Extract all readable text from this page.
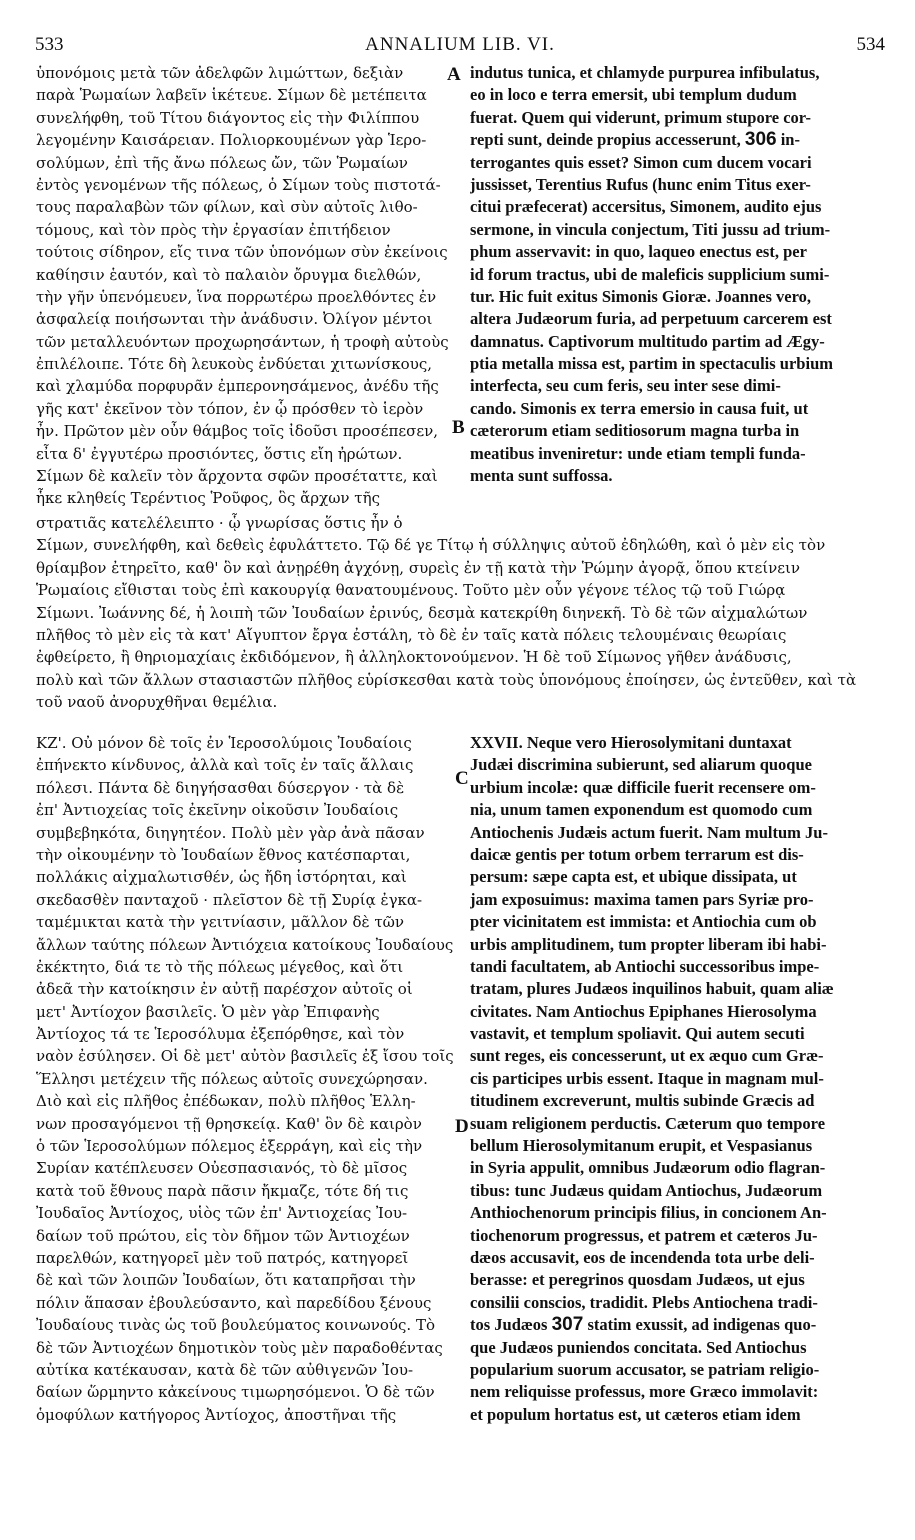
533	ANNALIUM LIB. VI.	534
ὑπονόμοις μετὰ τῶν ἀδελφῶν λιμώττων, δεξιὰν
παρὰ Ῥωμαίων λαβεῖν ἱκέτευε. Σίμων δὲ μετέπειτα
συνελήφθη, τοῦ Τίτου διάγοντος εἰς τὴν Φιλίππου
λεγομένην Καισάρειαν. Πολιορκουμένων γὰρ Ἱερο-
σολύμων, ἐπὶ τῆς ἄνω πόλεως ὤν, τῶν Ῥωμαίων
ἐντὸς γενομένων τῆς πόλεως, ὁ Σίμων τοὺς πιστοτά-
τους παραλαβὼν τῶν φίλων, καὶ σὺν αὐτοῖς λιθο-
τόμους, καὶ τὸν πρὸς τὴν ἐργασίαν ἐπιτήδειον
τούτοις σίδηρον, εἴς τινα τῶν ὑπονόμων σὺν ἐκείνοις
καθίησιν ἑαυτόν, καὶ τὸ παλαιὸν ὄρυγμα διελθών,
τὴν γῆν ὑπενόμευεν, ἵνα πορρωτέρω προελθόντες ἐν
ἀσφαλείᾳ ποιήσωνται τὴν ἀνάδυσιν. Ὀλίγον μέντοι
τῶν μεταλλευόντων προχωρησάντων, ἡ τροφὴ αὐτοὺς
ἐπιλέλοιπε. Τότε δὴ λευκοὺς ἐνδύεται χιτωνίσκους,
καὶ χλαμύδα πορφυρᾶν ἐμπερονησάμενος, ἀνέδυ τῆς
γῆς κατ' ἐκεῖνον τὸν τόπον, ἐν ᾧ πρόσθεν τὸ ἱερὸν
ἦν. Πρῶτον μὲν οὖν θάμβος τοῖς ἰδοῦσι προσέπεσεν,
εἶτα δ' ἐγγυτέρω προσιόντες, ὅστις εἴη ἠρώτων.
Σίμων δὲ καλεῖν τὸν ἄρχοντα σφῶν προσέταττε, καὶ
ἧκε κληθείς Τερέντιος Ῥοῦφος, ὃς ἄρχων τῆς
indutus tunica, et chlamyde purpurea infibulatus,
eo in loco e terra emersit, ubi templum dudum
fuerat. Quem qui viderunt, primum stupore cor-
repti sunt, deinde propius accesserunt, 306 in-
terrogantes quis esset? Simon cum ducem vocari
jussisset, Terentius Rufus (hunc enim Titus exer-
citui præfecerat) accersitus, Simonem, audito ejus
sermone, in vincula conjectum, Titi jussu ad trium-
phum asservavit: in quo, laqueo enectus est, per
id forum tractus, ubi de maleficis supplicium sumi-
tur. Hic fuit exitus Simonis Gioræ. Joannes vero,
altera Judæorum furia, ad perpetuum carcerem est
damnatus. Captivorum multitudo partim ad Ægy-
ptia metalla missa est, partim in spectaculis urbium
interfecta, seu cum feris, seu inter sese dimi-
cando. Simonis ex terra emersio in causa fuit, ut
cæterorum etiam seditiosorum magna turba in
meatibus inveniretur: unde etiam templi funda-
menta sunt suffossa.
στρατιᾶς κατελέλειπτο · ᾧ γνωρίσας ὅστις ἦν ὁ
Σίμων, συνελήφθη, καὶ δεθεὶς ἐφυλάττετο. Τῷ δέ γε Τίτῳ ἡ σύλληψις αὐτοῦ ἐδηλώθη, καὶ ὁ μὲν εἰς τὸν
θρίαμβον ἐτηρεῖτο, καθ' ὃν καὶ ἀνῃρέθη ἀγχόνῃ, συρεὶς ἐν τῇ κατὰ τὴν Ῥώμην ἀγορᾷ, ὅπου κτείνειν
Ῥωμαίοις εἴθισται τοὺς ἐπὶ κακουργίᾳ θανατουμένους. Τοῦτο μὲν οὖν γέγονε τέλος τῷ τοῦ Γιώρᾳ
Σίμωνι. Ἰωάννης δέ, ἡ λοιπὴ τῶν Ἰουδαίων ἐρινύς, δεσμὰ κατεκρίθη διηνεκῆ. Τὸ δὲ τῶν αἰχμαλώτων
πλῆθος τὸ μὲν εἰς τὰ κατ' Αἴγυπτον ἔργα ἐστάλη, τὸ δὲ ἐν ταῖς κατὰ πόλεις τελουμέναις θεωρίαις
ἐφθείρετο, ἢ θηριομαχίαις ἐκδιδόμενον, ἢ ἀλληλοκτονούμενον. Ἡ δὲ τοῦ Σίμωνος γῆθεν ἀνάδυσις,
πολὺ καὶ τῶν ἄλλων στασιαστῶν πλῆθος εὑρίσκεσθαι κατὰ τοὺς ὑπονόμους ἐποίησεν, ὡς ἐντεῦθεν, καὶ τὰ
τοῦ ναοῦ ἀνορυχθῆναι θεμέλια.
ΚΖ'. Οὐ μόνον δὲ τοῖς ἐν Ἱεροσολύμοις Ἰουδαίοις
ἐπήνεκτο κίνδυνος, ἀλλὰ καὶ τοῖς ἐν ταῖς ἄλλαις
πόλεσι. Πάντα δὲ διηγήσασθαι δύσεργον · τὰ δὲ
ἐπ' Ἀντιοχείας τοῖς ἐκεῖνην οἰκοῦσιν Ἰουδαίοις
συμβεβηκότα, διηγητέον. Πολὺ μὲν γὰρ ἀνὰ πᾶσαν
τὴν οἰκουμένην τὸ Ἰουδαίων ἔθνος κατέσπαρται,
πολλάκις αἰχμαλωτισθέν, ὡς ἤδη ἱστόρηται, καὶ
σκεδασθὲν πανταχοῦ · πλεῖστον δὲ τῇ Συρίᾳ ἐγκα-
ταμέμικται κατὰ τὴν γειτνίασιν, μᾶλλον δὲ τῶν
ἄλλων ταύτης πόλεων Ἀντιόχεια κατοίκους Ἰουδαίους
ἐκέκτητο, διά τε τὸ τῆς πόλεως μέγεθος, καὶ ὅτι
ἀδεᾶ τὴν κατοίκησιν ἐν αὐτῇ παρέσχον αὐτοῖς οἱ
μετ' Ἀντίοχον βασιλεῖς. Ὁ μὲν γὰρ Ἐπιφανὴς
Ἀντίοχος τά τε Ἱεροσόλυμα ἐξεπόρθησε, καὶ τὸν
ναὸν ἐσύλησεν. Οἱ δὲ μετ' αὐτὸν βασιλεῖς ἐξ ἴσου τοῖς
Ἕλλησι μετέχειν τῆς πόλεως αὐτοῖς συνεχώρησαν.
Διὸ καὶ εἰς πλῆθος ἐπέδωκαν, πολὺ πλῆθος Ἑλλη-
νων προσαγόμενοι τῇ θρησκείᾳ. Καθ' ὃν δὲ καιρὸν
ὁ τῶν Ἱεροσολύμων πόλεμος ἐξερράγη, καὶ εἰς τὴν
Συρίαν κατέπλευσεν Οὐεσπασιανός, τὸ δὲ μῖσος
κατὰ τοῦ ἔθνους παρὰ πᾶσιν ἤκμαζε, τότε δή τις
Ἰουδαῖος Ἀντίοχος, υἱὸς τῶν ἐπ' Ἀντιοχείας Ἰου-
δαίων τοῦ πρώτου, εἰς τὸν δῆμον τῶν Ἀντιοχέων
παρελθών, κατηγορεῖ μὲν τοῦ πατρός, κατηγορεῖ
δὲ καὶ τῶν λοιπῶν Ἰουδαίων, ὅτι καταπρῆσαι τὴν
πόλιν ἅπασαν ἐβουλεύσαντο, καὶ παρεδίδου ξένους
Ἰουδαίους τινὰς ὡς τοῦ βουλεύματος κοινωνούς. Τὸ
δὲ τῶν Ἀντιοχέων δημοτικὸν τοὺς μὲν παραδοθέντας
αὐτίκα κατέκαυσαν, κατὰ δὲ τῶν αὐθιγενῶν Ἰου-
δαίων ὥρμηντο κἀκείνους τιμωρησόμενοι. Ὁ δὲ τῶν
ὁμοφύλων κατήγορος Ἀντίοχος, ἀποστῆναι τῆς
XXVII. Neque vero Hierosolymitani duntaxat
Judæi discrimina subierunt, sed aliarum quoque
urbium incolæ: quæ difficile fuerit recensere om-
nia, unum tamen exponendum est quomodo cum
Antiochenis Judæis actum fuerit. Nam multum Ju-
daicæ gentis per totum orbem terrarum est dis-
persum: sæpe capta est, et ubique dissipata, ut
jam exposuimus: maxima tamen pars Syriæ pro-
pter vicinitatem est immista: et Antiochia cum ob
urbis amplitudinem, tum propter liberam ibi habi-
tandi facultatem, ab Antiochi successoribus impe-
tratam, plures Judæos inquilinos habuit, quam aliæ
civitates. Nam Antiochus Epiphanes Hierosolyma
vastavit, et templum spoliavit. Qui autem secuti
sunt reges, eis concesserunt, ut ex æquo cum Græ-
cis participes urbis essent. Itaque in magnam mul-
titudinem excreverunt, multis subinde Græcis ad
suam religionem perductis. Cæterum quo tempore
bellum Hierosolymitanum erupit, et Vespasianus
in Syria appulit, omnibus Judæorum odio flagran-
tibus: tunc Judæus quidam Antiochus, Judæorum
Anthiochenorum principis filius, in concionem An-
tiochenorum progressus, et patrem et cæteros Ju-
dæos accusavit, eos de incendenda tota urbe deli-
berasse: et peregrinos quosdam Judæos, ut ejus
consilii conscios, tradidit. Plebs Antiochena tradi-
tos Judæos 307 statim exussit, ad indigenas quo-
que Judæos puniendos concitata. Sed Antiochus
popularium suorum accusator, se patriam religio-
nem reliquisse professus, more Græco immolavit:
et populum hortatus est, ut cæteros etiam idem
A
B
C
D
